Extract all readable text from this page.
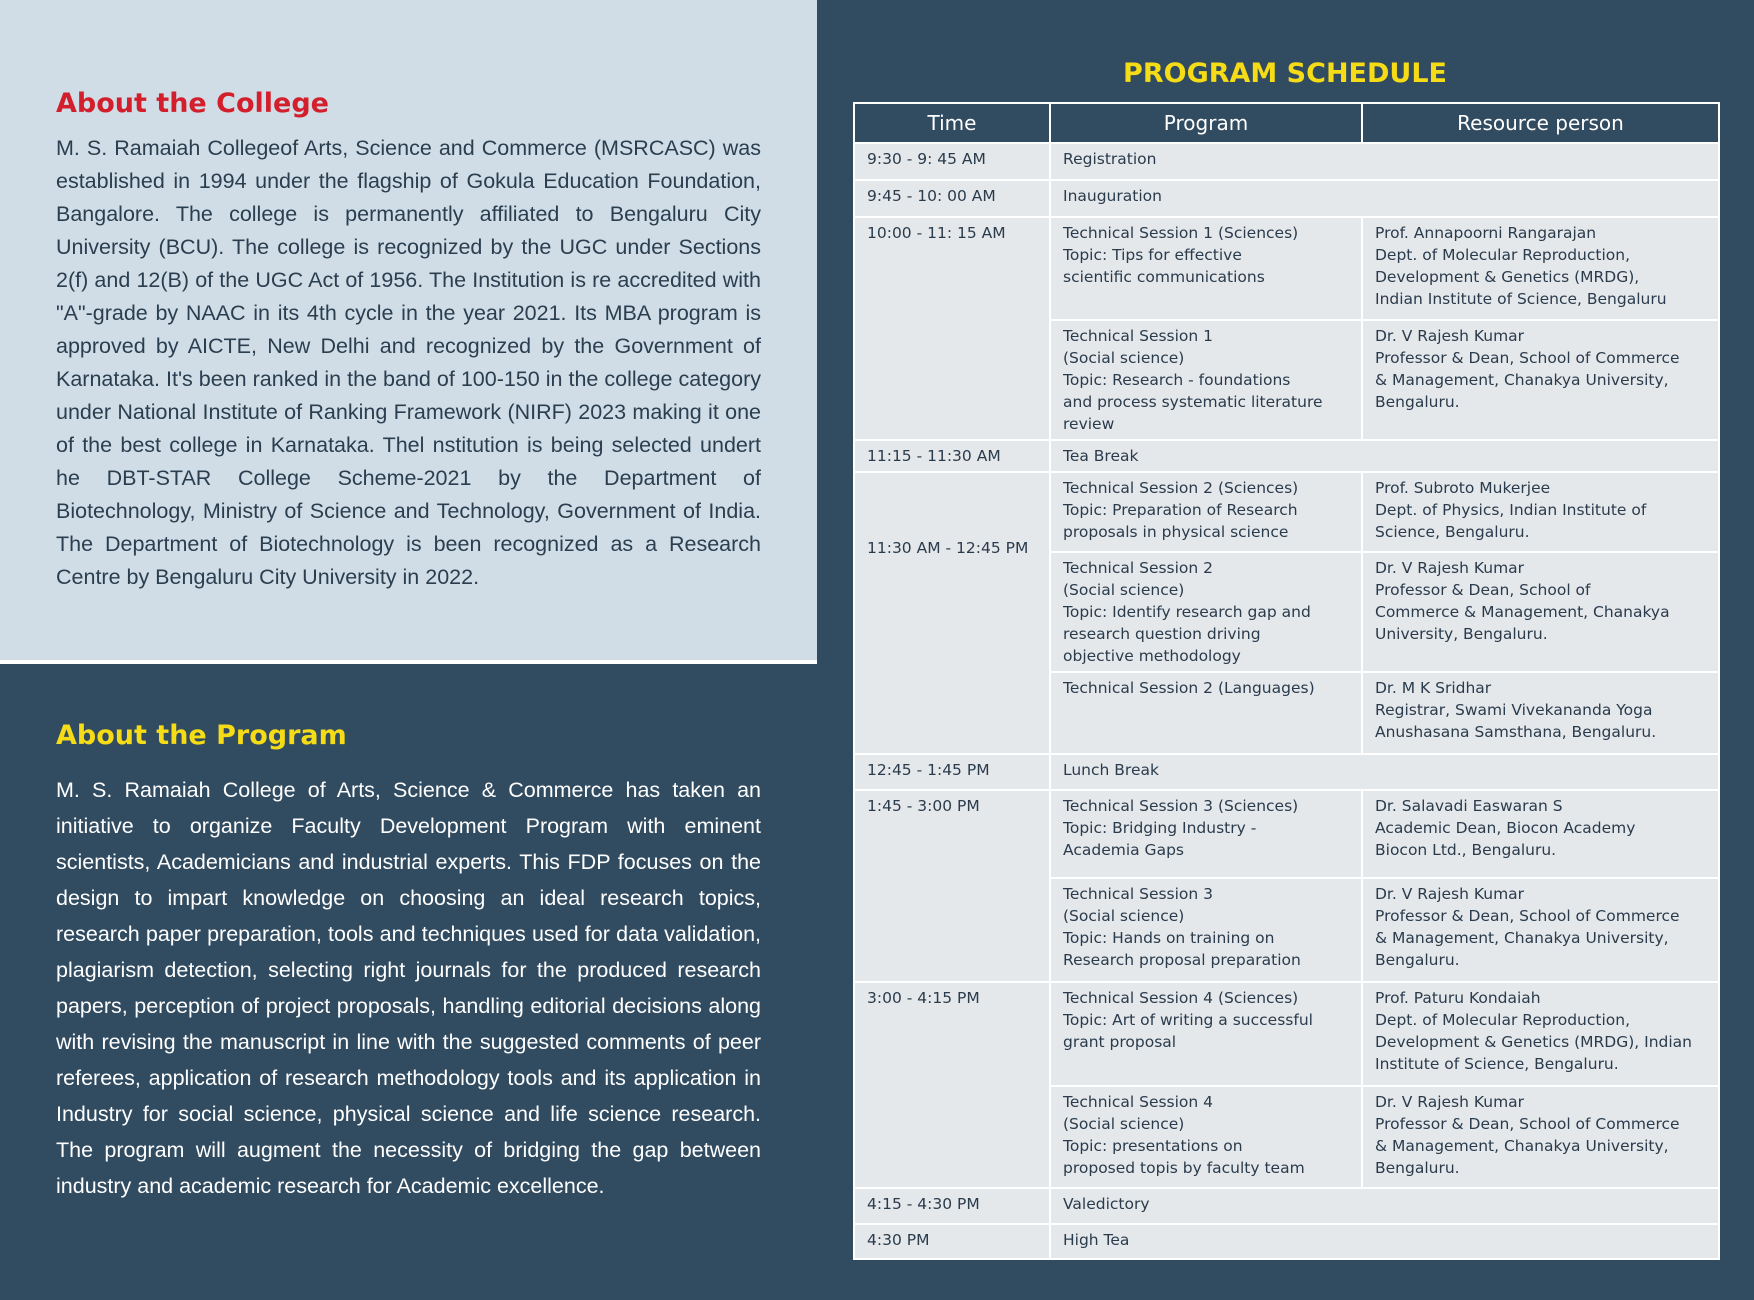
About the College

M. S. Ramaiah Collegeof Arts, Science and Commerce (MSRCASC) was established in 1994 under the flagship of Gokula Education Foundation, Bangalore. The college is permanently affiliated to Bengaluru City University (BCU). The college is recognized by the UGC under Sections 2(f) and 12(B) of the UGC Act of 1956. The Institution is re accredited with "A"-grade by NAAC in its 4th cycle in the year 2021. Its MBA program is approved by AICTE, New Delhi and recognized by the Government of Karnataka. It's been ranked in the band of 100-150 in the college category under National Institute of Ranking Framework (NIRF) 2023 making it one of the best college in Karnataka. Thel nstitution is being selected undert he DBT-STAR College Scheme-2021 by the Department of Biotechnology, Ministry of Science and Technology, Government of India. The Department of Biotechnology is been recognized as a Research Centre by Bengaluru City University in 2022.

About the Program

M. S. Ramaiah College of Arts, Science & Commerce has taken an initiative to organize Faculty Development Program with eminent scientists, Academicians and industrial experts. This FDP focuses on the design to impart knowledge on choosing an ideal research topics, research paper preparation, tools and techniques used for data validation, plagiarism detection, selecting right journals for the produced research papers, perception of project proposals, handling editorial decisions along with revising the manuscript in line with the suggested comments of peer referees, application of research methodology tools and its application in Industry for social science, physical science and life science research. The program will augment the necessity of bridging the gap between industry and academic research for Academic excellence.

PROGRAM SCHEDULE
Time	Program	Resource person
9:30 - 9: 45 AM	Registration	
9:45 - 10: 00 AM	Inauguration	
10:00 - 11: 15 AM	Technical Session 1 (Sciences)
Topic: Tips for effective
scientific communications	Prof. Annapoorni Rangarajan
Dept. of Molecular Reproduction,
Development & Genetics (MRDG),
Indian Institute of Science, Bengaluru

	Technical Session 1
(Social science)
Topic: Research - foundations
and process systematic literature
review	Dr. V Rajesh Kumar
Professor & Dean, School of Commerce
& Management, Chanakya University,
Bengaluru.

11:15 - 11:30 AM	Tea Break	
11:30 AM - 12:45 PM	Technical Session 2 (Sciences)
Topic: Preparation of Research
proposals in physical science	Prof. Subroto Mukerjee
Dept. of Physics, Indian Institute of
Science, Bengaluru.

	Technical Session 2
(Social science)
Topic: Identify research gap and
research question driving
objective methodology	Dr. V Rajesh Kumar
Professor & Dean, School of
Commerce & Management, Chanakya
University, Bengaluru.

	Technical Session 2 (Languages)	Dr. M K Sridhar
Registrar, Swami Vivekananda Yoga
Anushasana Samsthana, Bengaluru.

12:45 - 1:45 PM	Lunch Break	
1:45 - 3:00 PM	Technical Session 3 (Sciences)
Topic: Bridging Industry -
Academia Gaps	Dr. Salavadi Easwaran S
Academic Dean, Biocon Academy
Biocon Ltd., Bengaluru.

	Technical Session 3
(Social science)
Topic: Hands on training on
Research proposal preparation	Dr. V Rajesh Kumar
Professor & Dean, School of Commerce
& Management, Chanakya University,
Bengaluru.

3:00 - 4:15 PM	Technical Session 4 (Sciences)
Topic: Art of writing a successful
grant proposal	Prof. Paturu Kondaiah
Dept. of Molecular Reproduction,
Development & Genetics (MRDG), Indian
Institute of Science, Bengaluru.

	Technical Session 4
(Social science)
Topic: presentations on
proposed topis by faculty team	Dr. V Rajesh Kumar
Professor & Dean, School of Commerce
& Management, Chanakya University,
Bengaluru.

4:15 - 4:30 PM	Valedictory	
4:30 PM	High Tea	
